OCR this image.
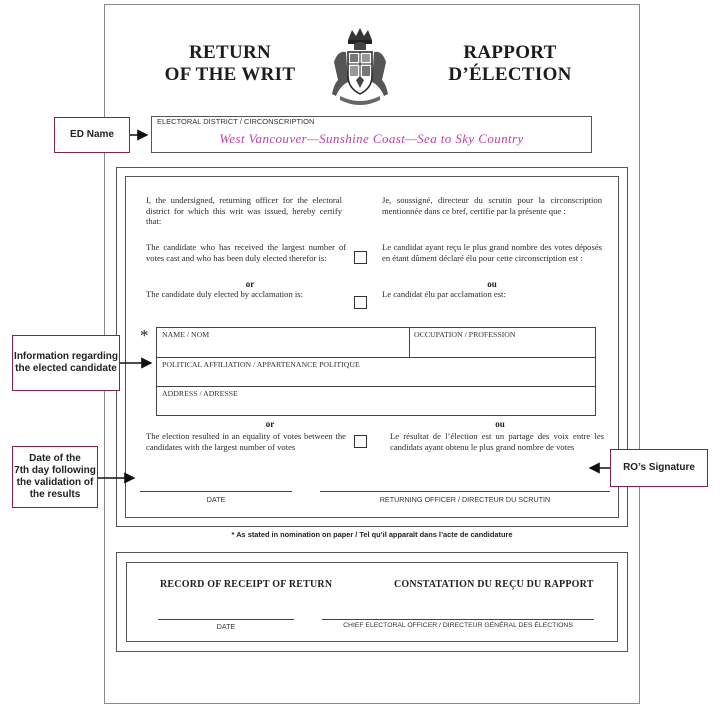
RETURN
OF THE WRIT
RAPPORT
D’ÉLECTION
ELECTORAL DISTRICT / CIRCONSCRIPTION
West Vancouver—Sunshine Coast—Sea to Sky Country
I, the undersigned, returning officer for the electoral district for which this writ was issued, hereby certify that:
Je, soussigné, directeur du scrutin pour la circonscription mentionnée dans ce bref, certifie par la présente que :
The candidate who has received the largest number of votes cast and who has been duly elected therefor is:
Le candidat ayant reçu le plus grand nombre des votes déposés en étant dûment déclaré élu pour cette circonscription est :
or	ou
The candidate duly elected by acclamation is:	Le candidat élu par acclamation est:
* NAME / NOM	OCCUPATION / PROFESSION
POLITICAL AFFILIATION / APPARTENANCE POLITIQUE
ADDRESS / ADRESSE
or	ou
The election resulted in an equality of votes between the candidates with the largest number of votes
Le résultat de l’élection est un partage des voix entre les candidats ayant obtenu le plus grand nombre de votes
DATE	RETURNING OFFICER / DIRECTEUR DU SCRUTIN
* As stated in nomination on paper / Tel qu’il apparaît dans l’acte de candidature
RECORD OF RECEIPT OF RETURN	CONSTATATION DU REÇU DU RAPPORT
DATE	CHIEF ELECTORAL OFFICER / DIRECTEUR GÉNÉRAL DES ÉLECTIONS
ED Name
Information regarding the elected candidate
Date of the
7th day following
the validation of
the results
RO’s Signature
